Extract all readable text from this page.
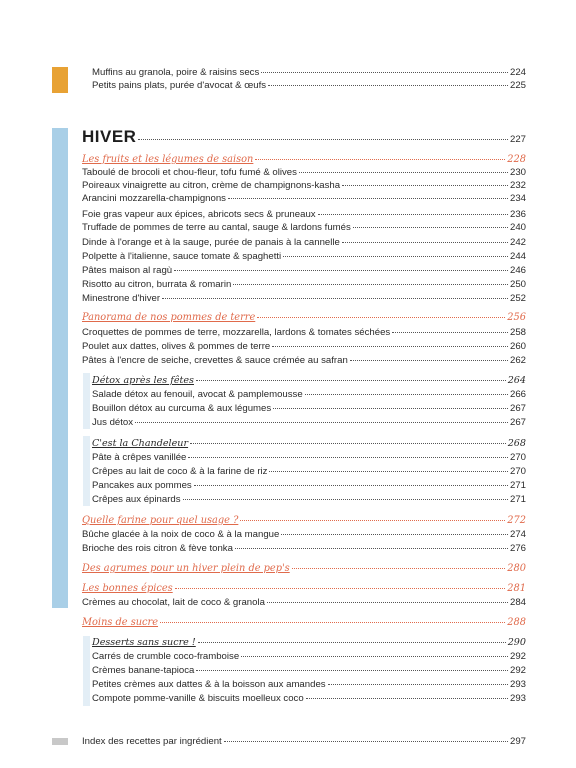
Muffins au granola, poire & raisins secs	224
Petits pains plats, purée d'avocat & œufs	225
HIVER	227
Les fruits et les légumes de saison	228
Taboulé de brocoli et chou-fleur, tofu fumé & olives	230
Poireaux vinaigrette au citron, crème de champignons-kasha	232
Arancini mozzarella-champignons	234
Foie gras vapeur aux épices, abricots secs & pruneaux	236
Truffade de pommes de terre au cantal, sauge & lardons fumés	240
Dinde à l'orange et à la sauge, purée de panais à la cannelle	242
Polpette à l'italienne, sauce tomate & spaghetti	244
Pâtes maison al ragù	246
Risotto au citron, burrata & romarin	250
Minestrone d'hiver	252
Panorama de nos pommes de terre	256
Croquettes de pommes de terre, mozzarella, lardons & tomates séchées	258
Poulet aux dattes, olives & pommes de terre	260
Pâtes à l'encre de seiche, crevettes & sauce crémée au safran	262
Détox après les fêtes	264
Salade détox au fenouil, avocat & pamplemousse	266
Bouillon détox au curcuma & aux légumes	267
Jus détox	267
C'est la Chandeleur	268
Pâte à crêpes vanillée	270
Crêpes au lait de coco & à la farine de riz	270
Pancakes aux pommes	271
Crêpes aux épinards	271
Quelle farine pour quel usage ?	272
Bûche glacée à la noix de coco & à la mangue	274
Brioche des rois citron & fève tonka	276
Des agrumes pour un hiver plein de pep's	280
Les bonnes épices	281
Crèmes au chocolat, lait de coco & granola	284
Moins de sucre	288
Desserts sans sucre !	290
Carrés de crumble coco-framboise	292
Crèmes banane-tapioca	292
Petites crèmes aux dattes & à la boisson aux amandes	293
Compote pomme-vanille & biscuits moelleux coco	293
Index des recettes par ingrédient	297
